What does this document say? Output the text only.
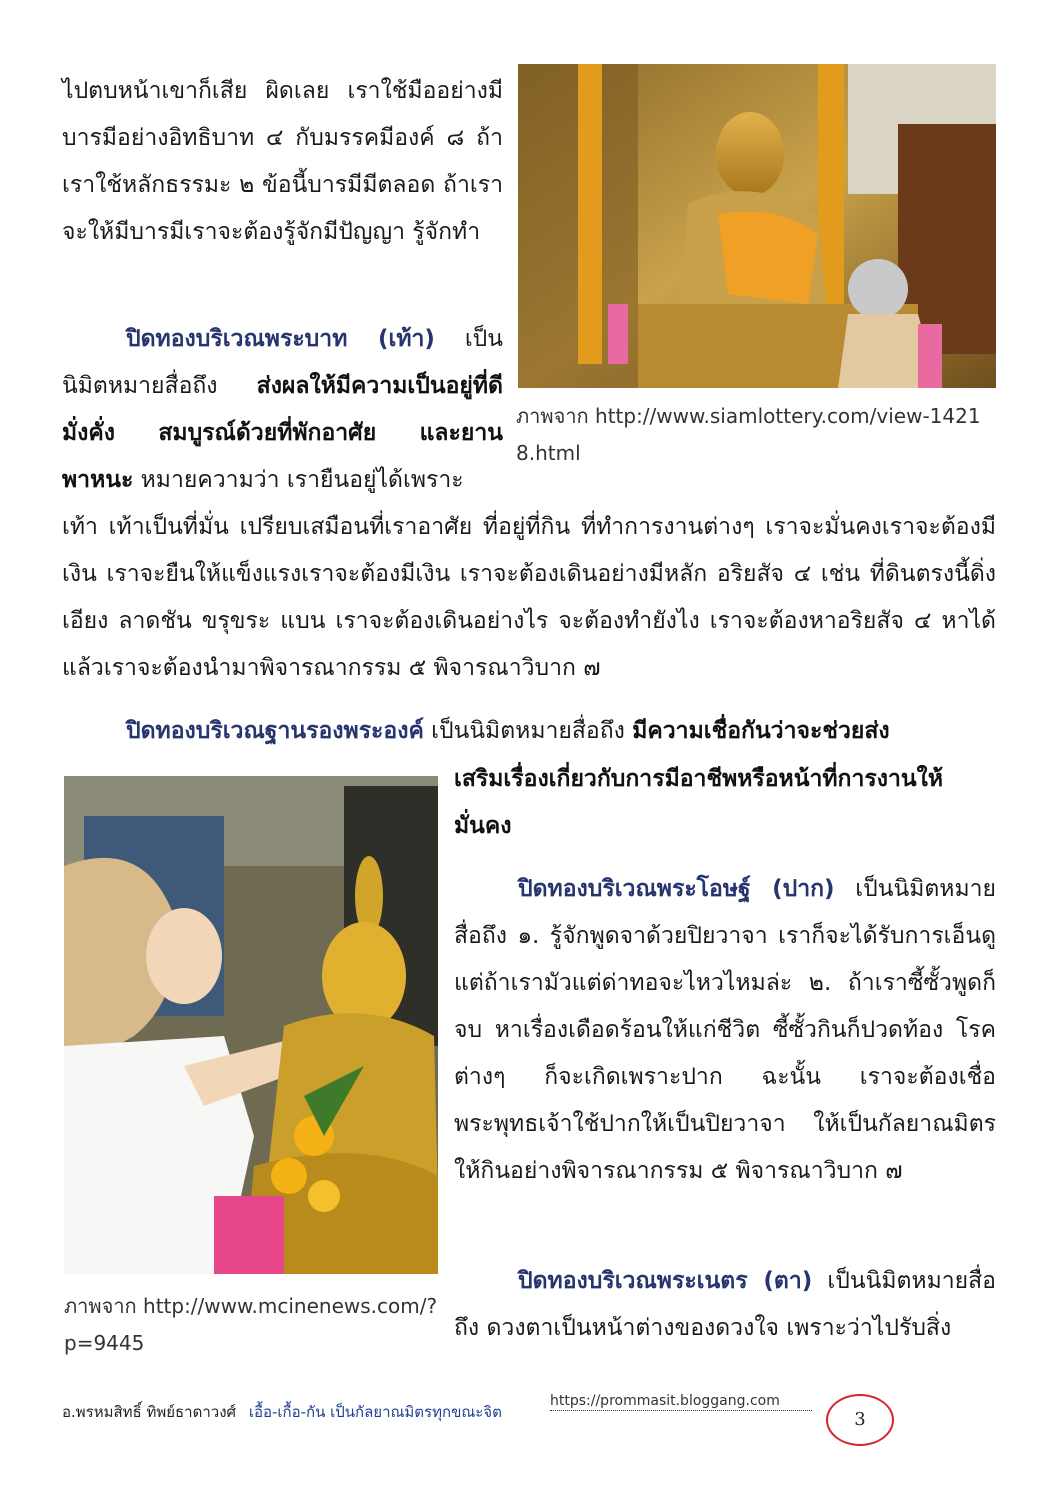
ไปตบหน้าเขาก็เสีย ผิดเลย เราใช้มืออย่างมีบารมีอย่างอิทธิบาท ๔ กับมรรคมีองค์ ๘ ถ้าเราใช้หลักธรรมะ ๒ ข้อนี้บารมีมีตลอด ถ้าเราจะให้มีบารมีเราจะต้องรู้จักมีปัญญา รู้จักทำ

ปิดทองบริเวณพระบาท (เท้า) เป็นนิมิตหมายสื่อถึง ส่งผลให้มีความเป็นอยู่ที่ดี มั่งคั่ง สมบูรณ์ด้วยที่พักอาศัย และยานพาหนะ หมายความว่า เรายืนอยู่ได้เพราะ

ภาพจาก http://www.siamlottery.com/view-14218.html

เท้า เท้าเป็นที่มั่น เปรียบเสมือนที่เราอาศัย ที่อยู่ที่กิน ที่ทำการงานต่างๆ เราจะมั่นคงเราจะต้องมีเงิน เราจะยืนให้แข็งแรงเราจะต้องมีเงิน เราจะต้องเดินอย่างมีหลัก อริยสัจ ๔ เช่น ที่ดินตรงนี้ดิ่ง เอียง ลาดชัน ขรุขระ แบน เราจะต้องเดินอย่างไร จะต้องทำยังไง เราจะต้องหาอริยสัจ ๔ หาได้แล้วเราจะต้องนำมาพิจารณากรรม ๕ พิจารณาวิบาก ๗

ปิดทองบริเวณฐานรองพระองค์ เป็นนิมิตหมายสื่อถึง มีความเชื่อกันว่าจะช่วยส่ง

ภาพจาก http://www.mcinenews.com/?p=9445

เสริมเรื่องเกี่ยวกับการมีอาชีพหรือหน้าที่การงานให้มั่นคง

ปิดทองบริเวณพระโอษฐ์ (ปาก) เป็นนิมิตหมายสื่อถึง ๑. รู้จักพูดจาด้วยปิยวาจา เราก็จะได้รับการเอ็นดู แต่ถ้าเรามัวแต่ด่าทอจะไหวไหมล่ะ ๒. ถ้าเราซี้ซั้วพูดก็จบ หาเรื่องเดือดร้อนให้แก่ชีวิต ซี้ซั้วกินก็ปวดท้อง โรคต่างๆ ก็จะเกิดเพราะปาก ฉะนั้น เราจะต้องเชื่อพระพุทธเจ้าใช้ปากให้เป็นปิยวาจา ให้เป็นกัลยาณมิตร ให้กินอย่างพิจารณากรรม ๕ พิจารณาวิบาก ๗

ปิดทองบริเวณพระเนตร (ตา) เป็นนิมิตหมายสื่อถึง ดวงตาเป็นหน้าต่างของดวงใจ เพราะว่าไปรับสิ่ง

อ.พรหมสิทธิ์ ทิพย์ธาดาวงศ์ เอื้อ-เกื้อ-กัน เป็นกัลยาณมิตรทุกขณะจิต
https://prommasit.bloggang.com
3
